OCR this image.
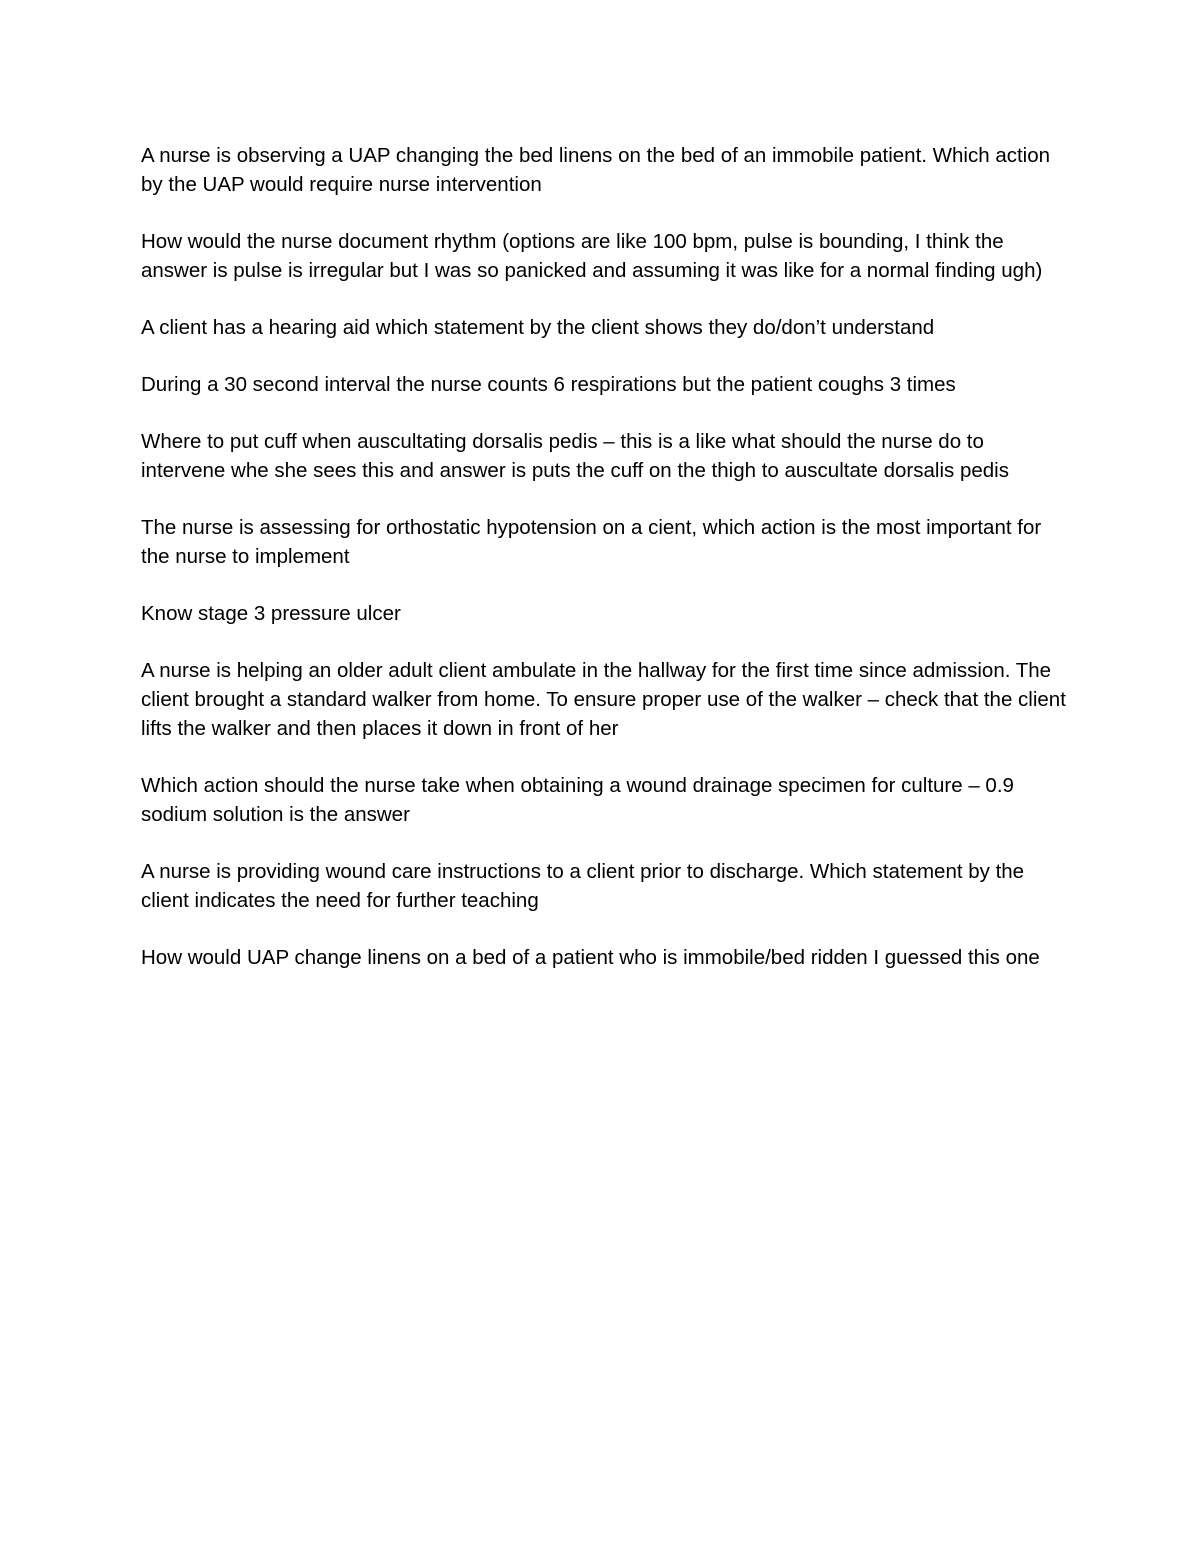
A nurse is observing a UAP changing the bed linens on the bed of an immobile patient. Which action by the UAP would require nurse intervention

How would the nurse document rhythm (options are like 100 bpm, pulse is bounding, I think the answer is pulse is irregular but I was so panicked and assuming it was like for a normal finding ugh)

A client has a hearing aid which statement by the client shows they do/don’t understand

During a 30 second interval the nurse counts 6 respirations but the patient coughs 3 times

Where to put cuff when auscultating dorsalis pedis – this is a like what should the nurse do to intervene whe she sees this and answer is puts the cuff on the thigh to auscultate dorsalis pedis

The nurse is assessing for orthostatic hypotension on a cient, which action is the most important for the nurse to implement

Know stage 3 pressure ulcer

A nurse is helping an older adult client ambulate in the hallway for the first time since admission. The client brought a standard walker from home. To ensure proper use of the walker – check that the client lifts the walker and then places it down in front of her

Which action should the nurse take when obtaining a wound drainage specimen for culture – 0.9 sodium solution is the answer

A nurse is providing wound care instructions to a client prior to discharge. Which statement by the client indicates the need for further teaching

How would UAP change linens on a bed of a patient who is immobile/bed ridden I guessed this one
